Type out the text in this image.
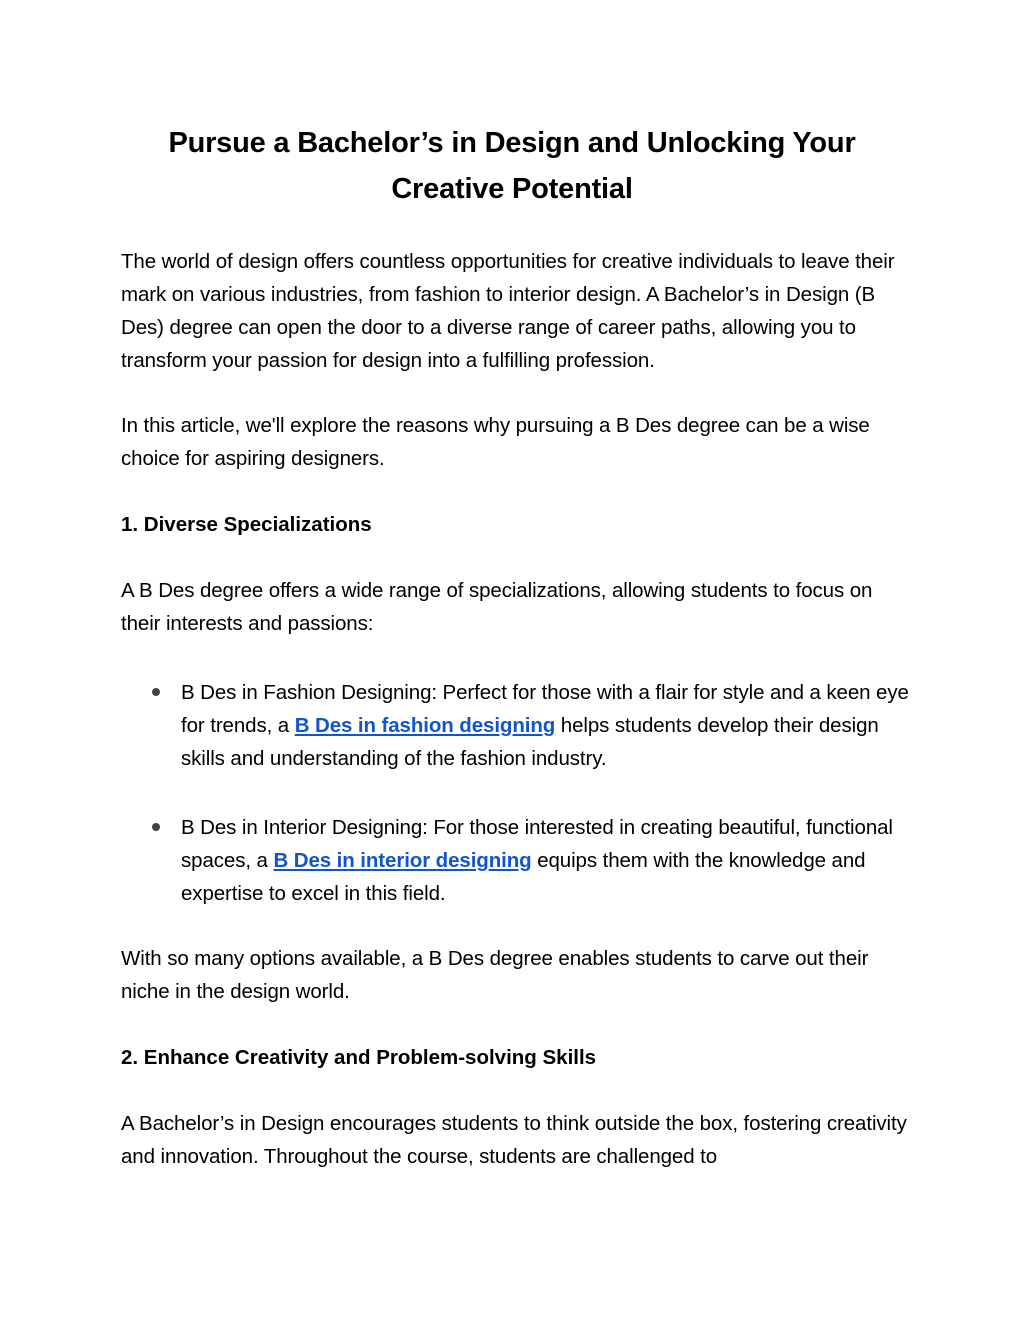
Pursue a Bachelor’s in Design and Unlocking Your Creative Potential

The world of design offers countless opportunities for creative individuals to leave their mark on various industries, from fashion to interior design. A Bachelor’s in Design (B Des) degree can open the door to a diverse range of career paths, allowing you to transform your passion for design into a fulfilling profession.

In this article, we'll explore the reasons why pursuing a B Des degree can be a wise choice for aspiring designers.

1. Diverse Specializations

A B Des degree offers a wide range of specializations, allowing students to focus on their interests and passions:

B Des in Fashion Designing: Perfect for those with a flair for style and a keen eye for trends, a B Des in fashion designing helps students develop their design skills and understanding of the fashion industry.
B Des in Interior Designing: For those interested in creating beautiful, functional spaces, a B Des in interior designing equips them with the knowledge and expertise to excel in this field.

With so many options available, a B Des degree enables students to carve out their niche in the design world.

2. Enhance Creativity and Problem-solving Skills

A Bachelor’s in Design encourages students to think outside the box, fostering creativity and innovation. Throughout the course, students are challenged to
